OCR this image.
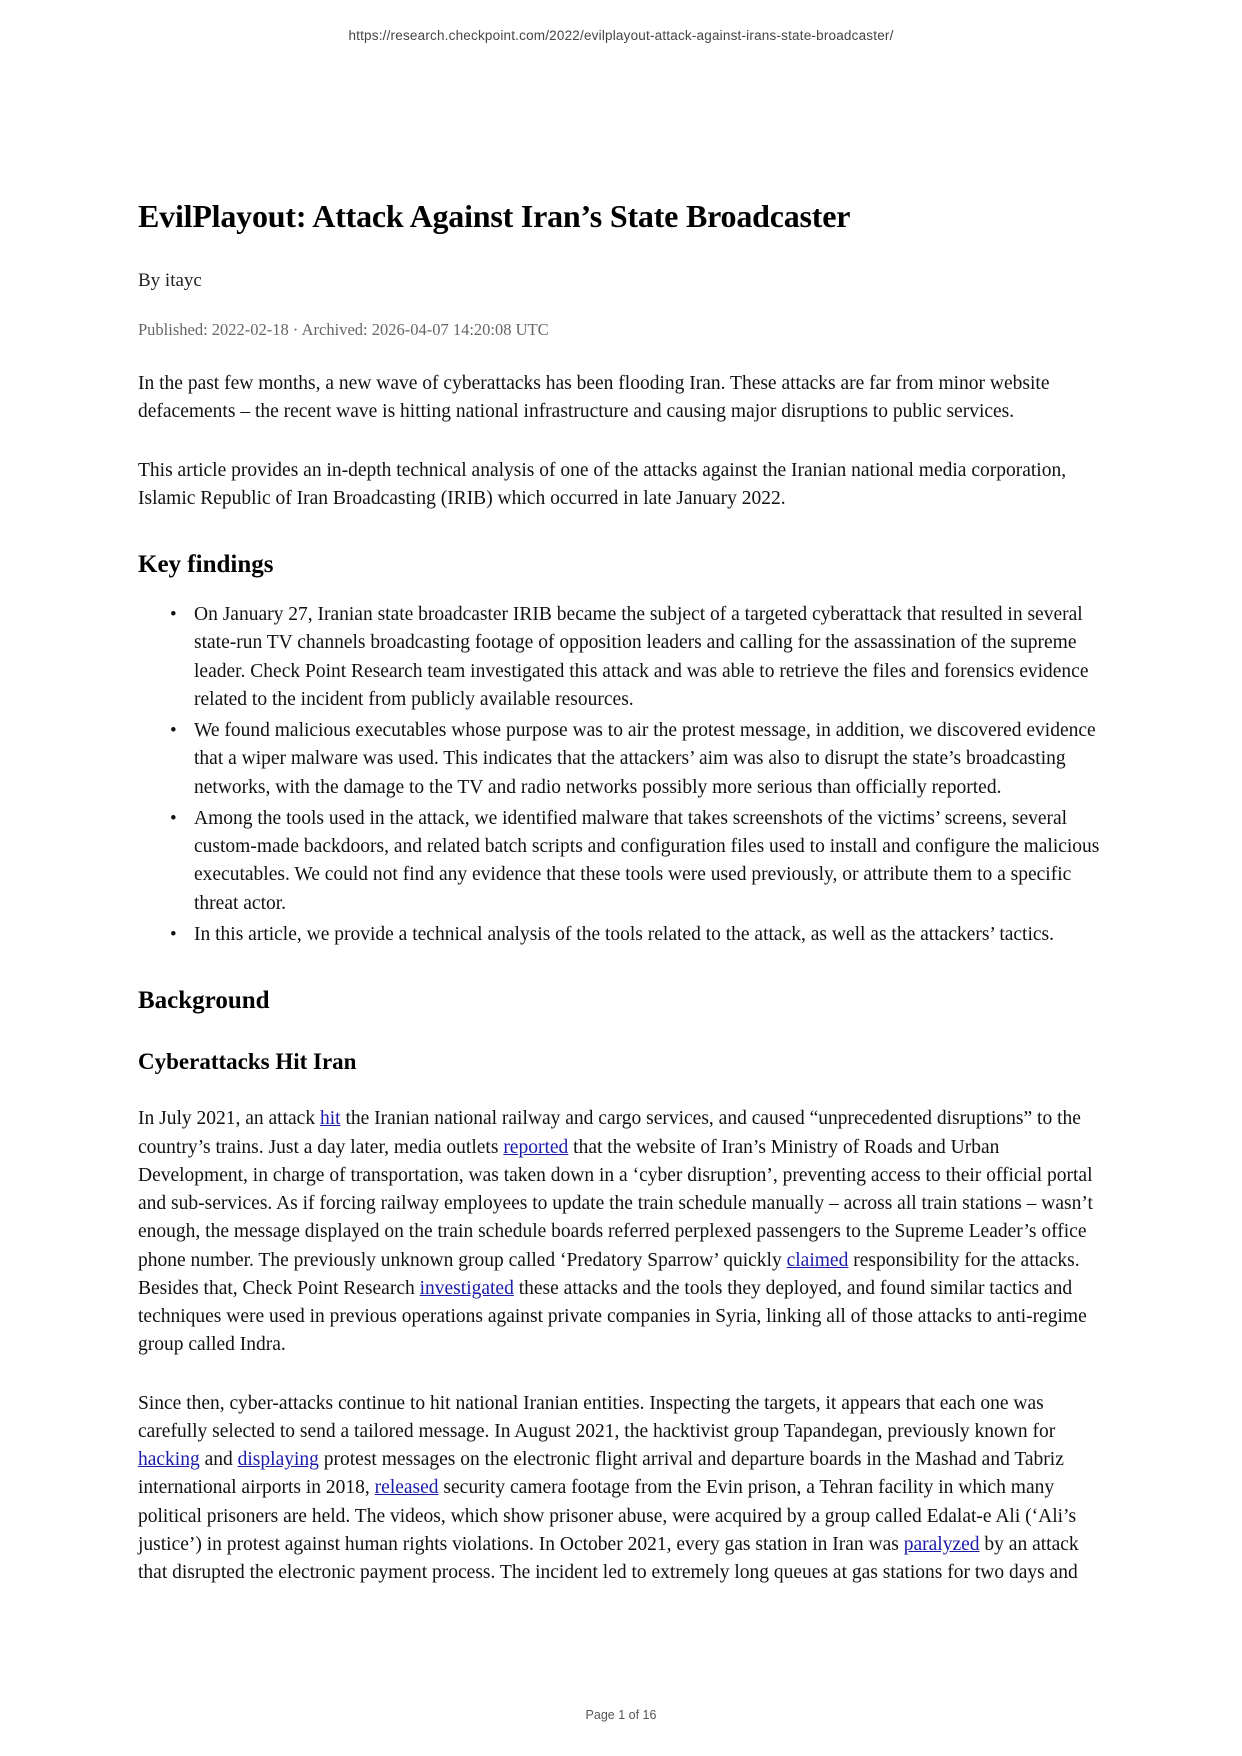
https://research.checkpoint.com/2022/evilplayout-attack-against-irans-state-broadcaster/
EvilPlayout: Attack Against Iran’s State Broadcaster
By itayc
Published: 2022-02-18 · Archived: 2026-04-07 14:20:08 UTC

In the past few months, a new wave of cyberattacks has been flooding Iran. These attacks are far from minor website defacements – the recent wave is hitting national infrastructure and causing major disruptions to public services.

This article provides an in-depth technical analysis of one of the attacks against the Iranian national media corporation, Islamic Republic of Iran Broadcasting (IRIB) which occurred in late January 2022.

Key findings
• On January 27, Iranian state broadcaster IRIB became the subject of a targeted cyberattack that resulted in several state-run TV channels broadcasting footage of opposition leaders and calling for the assassination of the supreme leader. Check Point Research team investigated this attack and was able to retrieve the files and forensics evidence related to the incident from publicly available resources.
• We found malicious executables whose purpose was to air the protest message, in addition, we discovered evidence that a wiper malware was used. This indicates that the attackers’ aim was also to disrupt the state’s broadcasting networks, with the damage to the TV and radio networks possibly more serious than officially reported.
• Among the tools used in the attack, we identified malware that takes screenshots of the victims’ screens, several custom-made backdoors, and related batch scripts and configuration files used to install and configure the malicious executables. We could not find any evidence that these tools were used previously, or attribute them to a specific threat actor.
• In this article, we provide a technical analysis of the tools related to the attack, as well as the attackers’ tactics.
Background
Cyberattacks Hit Iran

In July 2021, an attack hit the Iranian national railway and cargo services, and caused “unprecedented disruptions” to the country’s trains. Just a day later, media outlets reported that the website of Iran’s Ministry of Roads and Urban Development, in charge of transportation, was taken down in a ‘cyber disruption’, preventing access to their official portal and sub-services. As if forcing railway employees to update the train schedule manually – across all train stations – wasn’t enough, the message displayed on the train schedule boards referred perplexed passengers to the Supreme Leader’s office phone number. The previously unknown group called ‘Predatory Sparrow’ quickly claimed responsibility for the attacks. Besides that, Check Point Research investigated these attacks and the tools they deployed, and found similar tactics and techniques were used in previous operations against private companies in Syria, linking all of those attacks to anti-regime group called Indra.

Since then, cyber-attacks continue to hit national Iranian entities. Inspecting the targets, it appears that each one was carefully selected to send a tailored message. In August 2021, the hacktivist group Tapandegan, previously known for hacking and displaying protest messages on the electronic flight arrival and departure boards in the Mashad and Tabriz international airports in 2018, released security camera footage from the Evin prison, a Tehran facility in which many political prisoners are held. The videos, which show prisoner abuse, were acquired by a group called Edalat-e Ali (‘Ali’s justice’) in protest against human rights violations. In October 2021, every gas station in Iran was paralyzed by an attack that disrupted the electronic payment process. The incident led to extremely long queues at gas stations for two days and

Page 1 of 16
